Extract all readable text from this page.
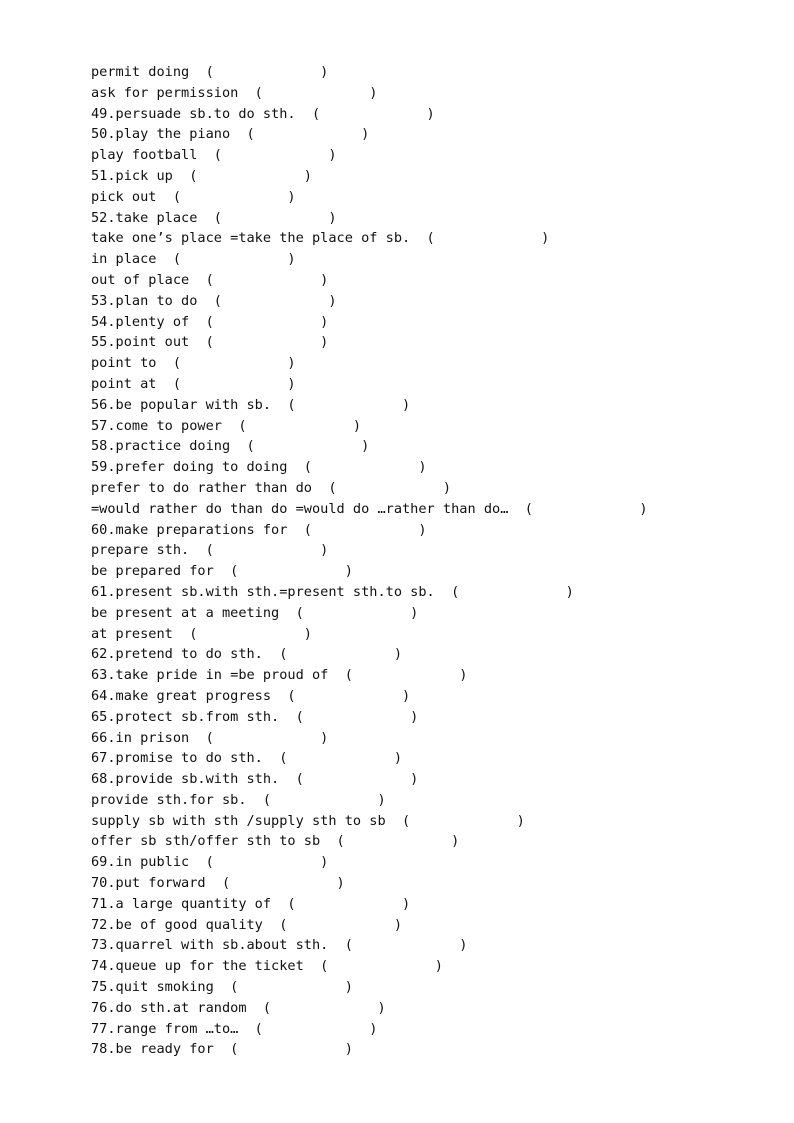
permit doing  (             )
ask for permission  (             )
49.persuade sb.to do sth.  (             )
50.play the piano  (             )
play football  (             )
51.pick up  (             )
pick out  (             )
52.take place  (             )
take one’s place =take the place of sb.  (             )
in place  (             )
out of place  (             )
53.plan to do  (             )
54.plenty of  (             )
55.point out  (             )
point to  (             )
point at  (             )
56.be popular with sb.  (             )
57.come to power  (             )
58.practice doing  (             )
59.prefer doing to doing  (             )
prefer to do rather than do  (             )
=would rather do than do =would do …rather than do…  (             )
60.make preparations for  (             )
prepare sth.  (             )
be prepared for  (             )
61.present sb.with sth.=present sth.to sb.  (             )
be present at a meeting  (             )
at present  (             )
62.pretend to do sth.  (             )
63.take pride in =be proud of  (             )
64.make great progress  (             )
65.protect sb.from sth.  (             )
66.in prison  (             )
67.promise to do sth.  (             )
68.provide sb.with sth.  (             )
provide sth.for sb.  (             )
supply sb with sth /supply sth to sb  (             )
offer sb sth/offer sth to sb  (             )
69.in public  (             )
70.put forward  (             )
71.a large quantity of  (             )
72.be of good quality  (             )
73.quarrel with sb.about sth.  (             )
74.queue up for the ticket  (             )
75.quit smoking  (             )
76.do sth.at random  (             )
77.range from …to…  (             )
78.be ready for  (             )
